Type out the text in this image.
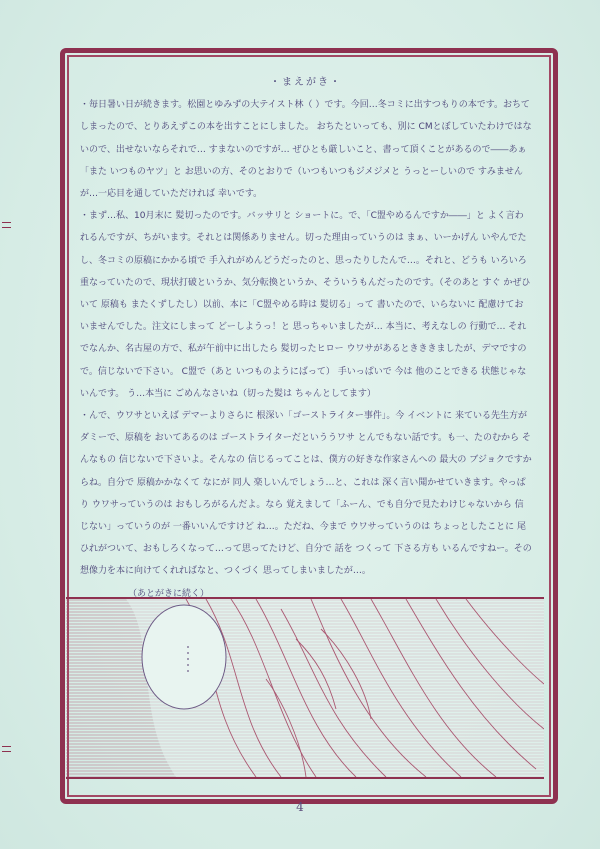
・まえがき・

・毎日暑い日が続きます。松園とゆみずの大テイスト林（ ）です。今回…冬コミに出すつもりの本です。おちてしまったので、とりあえずこの本を出すことにしました。 おちたといっても、別に CMとぼしていたわけではないので、出せないならそれで… すまないのですが… ぜひとも厳しいこと、書って頂くことがあるので――あぁ「また いつものヤツ」と お思いの方、そのとおりで（いつもいつもジメジメと うっとーしいので すみませんが…一応目を通していただければ 幸いです。

・まず…私、10月末に 髪切ったのです。バッサリと ショートに。で、「C盟やめるんですか――」と よく言われるんですが、ちがいます。それとは関係ありません。切った理由っていうのは まぁ、いーかげん いやんでたし、冬コミの原稿にかかる頃で 手入れがめんどうだったのと、思ったりしたんで…。それと、どうも いろいろ重なっていたので、現状打破というか、気分転換というか、そういうもんだったのです。（そのあと すぐ かぜひいて 原稿も またくずしたし）以前、本に「C盟やめる時は 髪切る」って 書いたので、いらないに 配慮けておいませんでした。注文にしまって どーしようっ！と 思っちゃいましたが… 本当に、考えなしの 行動で… それでなんか、名古屋の方で、私が午前中に出したら 髪切ったヒロー ウワサがあるときききましたが、デマですので。信じないで下さい。 C盟で（あと いつものようにばって） 手いっぱいで 今は 他のことできる 状態じゃないんです。 う…本当に ごめんなさいね（切った髪は ちゃんとしてます）

・んで、ウワサといえば デマーよりさらに 根深い「ゴーストライター事件」。今 イベントに 来ている先生方が ダミーで、原稿を おいてあるのは ゴーストライターだといううワサ とんでもない話です。も一、たのむから そんなもの 信じないで下さいよ。そんなの 信じるってことは、僕方の好きな作家さんへの 最大の ブジョクですからね。自分で 原稿かかなくて なにが 同人 楽しいんでしょう…と、これは 深く言い聞かせていきます。やっぱり ウワサっていうのは おもしろがるんだよ。なら 覚えまして「ふーん、でも自分で見たわけじゃないから 信じない」っていうのが 一番いいんですけど ね…。ただね、今まで ウワサっていうのは ちょっとしたことに 尾ひれがついて、おもしろくなって…って思ってたけど、自分で 話を つくって 下さる方も いるんですねー。その想像力を本に向けてくれればなと、つくづく 思ってしまいましたが…。

（あとがきに続く）

4
